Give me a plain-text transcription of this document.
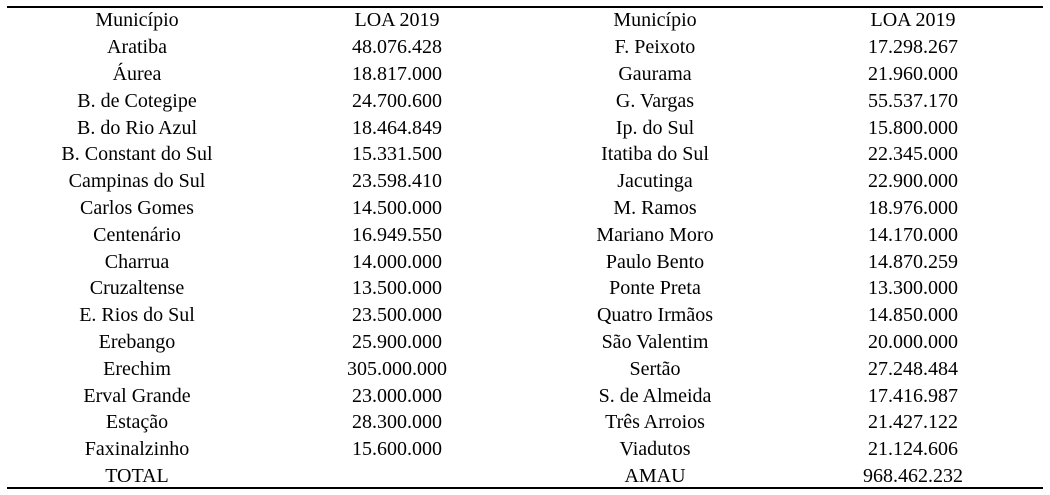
Município	LOA 2019	Município	LOA 2019
Aratiba	48.076.428	F. Peixoto	17.298.267
Áurea	18.817.000	Gaurama	21.960.000
B. de Cotegipe	24.700.600	G. Vargas	55.537.170
B. do Rio Azul	18.464.849	Ip. do Sul	15.800.000
B. Constant do Sul	15.331.500	Itatiba do Sul	22.345.000
Campinas do Sul	23.598.410	Jacutinga	22.900.000
Carlos Gomes	14.500.000	M. Ramos	18.976.000
Centenário	16.949.550	Mariano Moro	14.170.000
Charrua	14.000.000	Paulo Bento	14.870.259
Cruzaltense	13.500.000	Ponte Preta	13.300.000
E. Rios do Sul	23.500.000	Quatro Irmãos	14.850.000
Erebango	25.900.000	São Valentim	20.000.000
Erechim	305.000.000	Sertão	27.248.484
Erval Grande	23.000.000	S. de Almeida	17.416.987
Estação	28.300.000	Três Arroios	21.427.122
Faxinalzinho	15.600.000	Viadutos	21.124.606
TOTAL		AMAU	968.462.232
